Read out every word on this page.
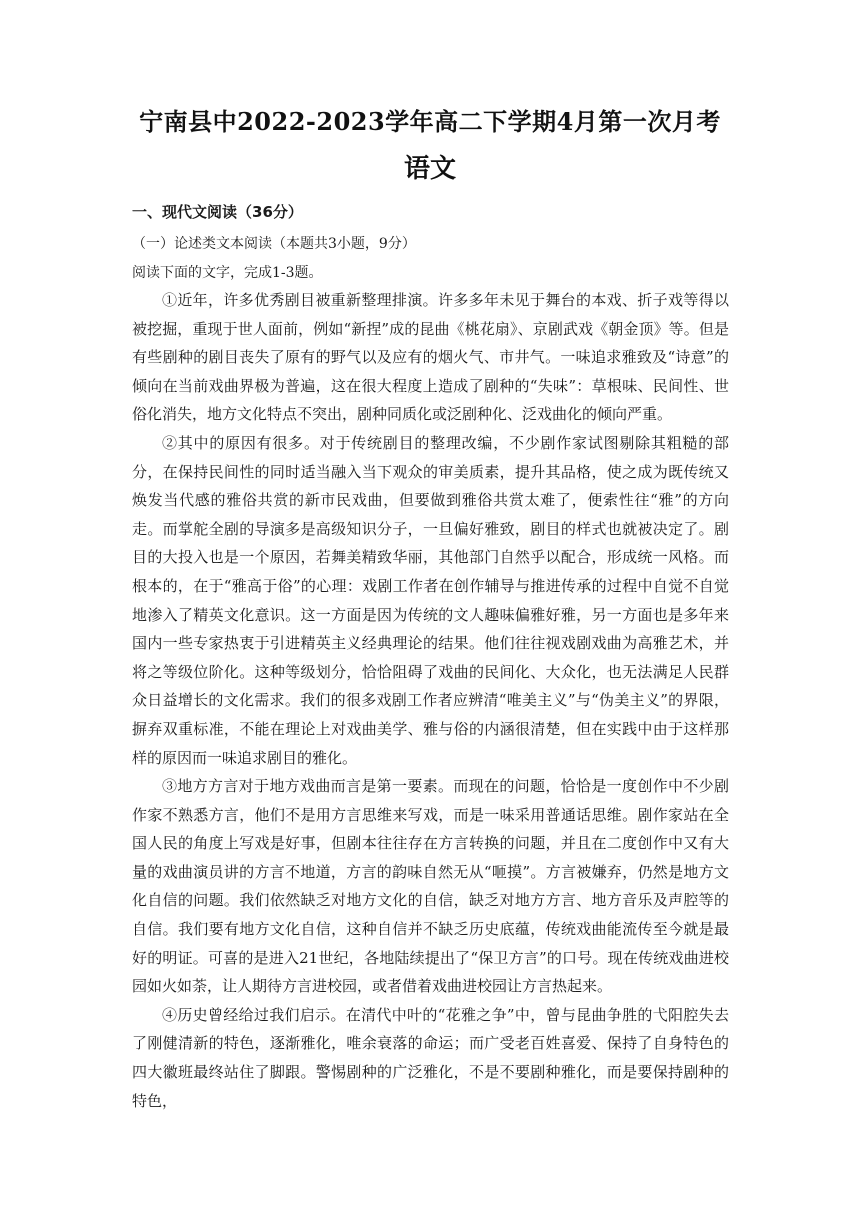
宁南县中2022-2023学年高二下学期4月第一次月考
语文
一、现代文阅读（36分）
（一）论述类文本阅读（本题共3小题，9分）
阅读下面的文字，完成1-3题。

①近年，许多优秀剧目被重新整理排演。许多多年未见于舞台的本戏、折子戏等得以被挖掘，重现于世人面前，例如“新捏”成的昆曲《桃花扇》、京剧武戏《朝金顶》等。但是有些剧种的剧目丧失了原有的野气以及应有的烟火气、市井气。一味追求雅致及“诗意”的倾向在当前戏曲界极为普遍，这在很大程度上造成了剧种的“失味”：草根味、民间性、世俗化消失，地方文化特点不突出，剧种同质化或泛剧种化、泛戏曲化的倾向严重。

②其中的原因有很多。对于传统剧目的整理改编，不少剧作家试图剔除其粗糙的部分，在保持民间性的同时适当融入当下观众的审美质素，提升其品格，使之成为既传统又焕发当代感的雅俗共赏的新市民戏曲，但要做到雅俗共赏太难了，便索性往“雅”的方向走。而掌舵全剧的导演多是高级知识分子，一旦偏好雅致，剧目的样式也就被决定了。剧目的大投入也是一个原因，若舞美精致华丽，其他部门自然乎以配合，形成统一风格。而根本的，在于“雅高于俗”的心理：戏剧工作者在创作辅导与推进传承的过程中自觉不自觉地渗入了精英文化意识。这一方面是因为传统的文人趣味偏雅好雅，另一方面也是多年来国内一些专家热衷于引进精英主义经典理论的结果。他们往往视戏剧戏曲为高雅艺术，并将之等级位阶化。这种等级划分，恰恰阻碍了戏曲的民间化、大众化，也无法满足人民群众日益增长的文化需求。我们的很多戏剧工作者应辨清“唯美主义”与“伪美主义”的界限，摒弃双重标准，不能在理论上对戏曲美学、雅与俗的内涵很清楚，但在实践中由于这样那样的原因而一味追求剧目的雅化。

③地方方言对于地方戏曲而言是第一要素。而现在的问题，恰恰是一度创作中不少剧作家不熟悉方言，他们不是用方言思维来写戏，而是一味采用普通话思维。剧作家站在全国人民的角度上写戏是好事，但剧本往往存在方言转换的问题，并且在二度创作中又有大量的戏曲演员讲的方言不地道，方言的韵味自然无从“咂摸”。方言被嫌弃，仍然是地方文化自信的问题。我们依然缺乏对地方文化的自信，缺乏对地方方言、地方音乐及声腔等的自信。我们要有地方文化自信，这种自信并不缺乏历史底蕴，传统戏曲能流传至今就是最好的明证。可喜的是进入21世纪，各地陆续提出了“保卫方言”的口号。现在传统戏曲进校园如火如荼，让人期待方言进校园，或者借着戏曲进校园让方言热起来。

④历史曾经给过我们启示。在清代中叶的“花雅之争”中，曾与昆曲争胜的弋阳腔失去了刚健清新的特色，逐渐雅化，唯余衰落的命运；而广受老百姓喜爱、保持了自身特色的四大徽班最终站住了脚跟。警惕剧种的广泛雅化，不是不要剧种雅化，而是要保持剧种的特色，
